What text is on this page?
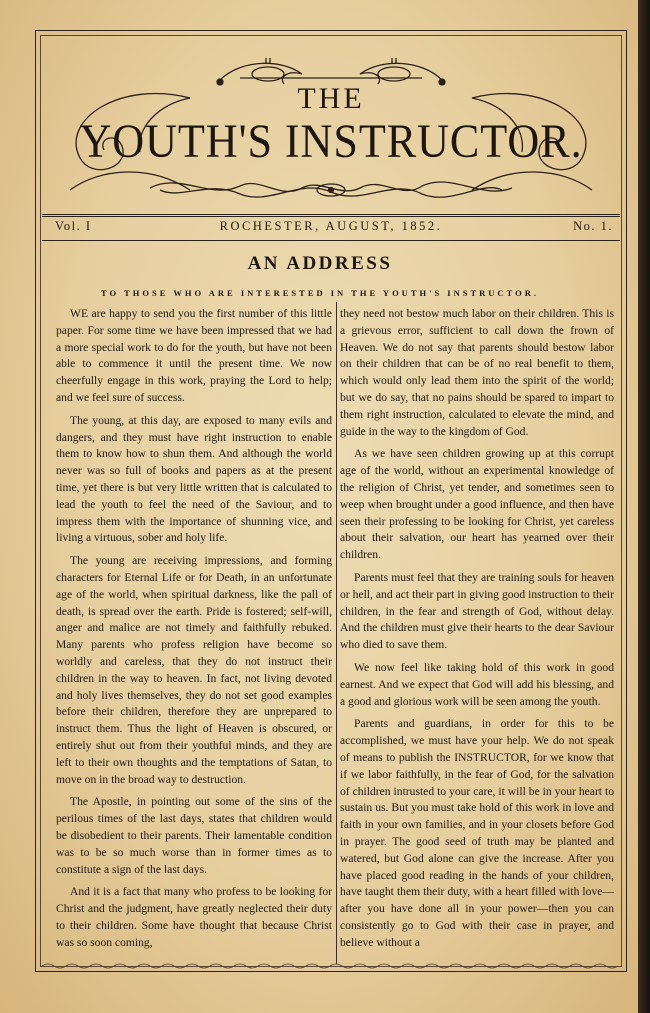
THE
YOUTH'S INSTRUCTOR.
ROCHESTER, AUGUST, 1852.
Vol. I	No. 1.
AN ADDRESS
TO THOSE WHO ARE INTERESTED IN THE YOUTH'S INSTRUCTOR.

WE are happy to send you the first number of this little paper. For some time we have been impressed that we had a more special work to do for the youth, but have not been able to commence it until the present time. We now cheerfully engage in this work, praying the Lord to help; and we feel sure of success.

The young, at this day, are exposed to many evils and dangers, and they must have right instruction to enable them to know how to shun them. And although the world never was so full of books and papers as at the present time, yet there is but very little written that is calculated to lead the youth to feel the need of the Saviour, and to impress them with the importance of shunning vice, and living a virtuous, sober and holy life.

The young are receiving impressions, and forming characters for Eternal Life or for Death, in an unfortunate age of the world, when spiritual darkness, like the pall of death, is spread over the earth. Pride is fostered; self-will, anger and malice are not timely and faithfully rebuked. Many parents who profess religion have become so worldly and careless, that they do not instruct their children in the way to heaven. In fact, not living devoted and holy lives themselves, they do not set good examples before their children, therefore they are unprepared to instruct them. Thus the light of Heaven is obscured, or entirely shut out from their youthful minds, and they are left to their own thoughts and the temptations of Satan, to move on in the broad way to destruction.

The Apostle, in pointing out some of the sins of the perilous times of the last days, states that children would be disobedient to their parents. Their lamentable condition was to be so much worse than in former times as to constitute a sign of the last days.

And it is a fact that many who profess to be looking for Christ and the judgment, have greatly neglected their duty to their children. Some have thought that because Christ was so soon coming,

they need not bestow much labor on their children. This is a grievous error, sufficient to call down the frown of Heaven. We do not say that parents should bestow labor on their children that can be of no real benefit to them, which would only lead them into the spirit of the world; but we do say, that no pains should be spared to impart to them right instruction, calculated to elevate the mind, and guide in the way to the kingdom of God.

As we have seen children growing up at this corrupt age of the world, without an experimental knowledge of the religion of Christ, yet tender, and sometimes seen to weep when brought under a good influence, and then have seen their professing to be looking for Christ, yet careless about their salvation, our heart has yearned over their children.

Parents must feel that they are training souls for heaven or hell, and act their part in giving good instruction to their children, in the fear and strength of God, without delay. And the children must give their hearts to the dear Saviour who died to save them.

We now feel like taking hold of this work in good earnest. And we expect that God will add his blessing, and a good and glorious work will be seen among the youth.

Parents and guardians, in order for this to be accomplished, we must have your help. We do not speak of means to publish the INSTRUCTOR, for we know that if we labor faithfully, in the fear of God, for the salvation of children intrusted to your care, it will be in your heart to sustain us. But you must take hold of this work in love and faith in your own families, and in your closets before God in prayer. The good seed of truth may be planted and watered, but God alone can give the increase. After you have placed good reading in the hands of your children, have taught them their duty, with a heart filled with love—after you have done all in your power—then you can consistently go to God with their case in prayer, and believe without a
